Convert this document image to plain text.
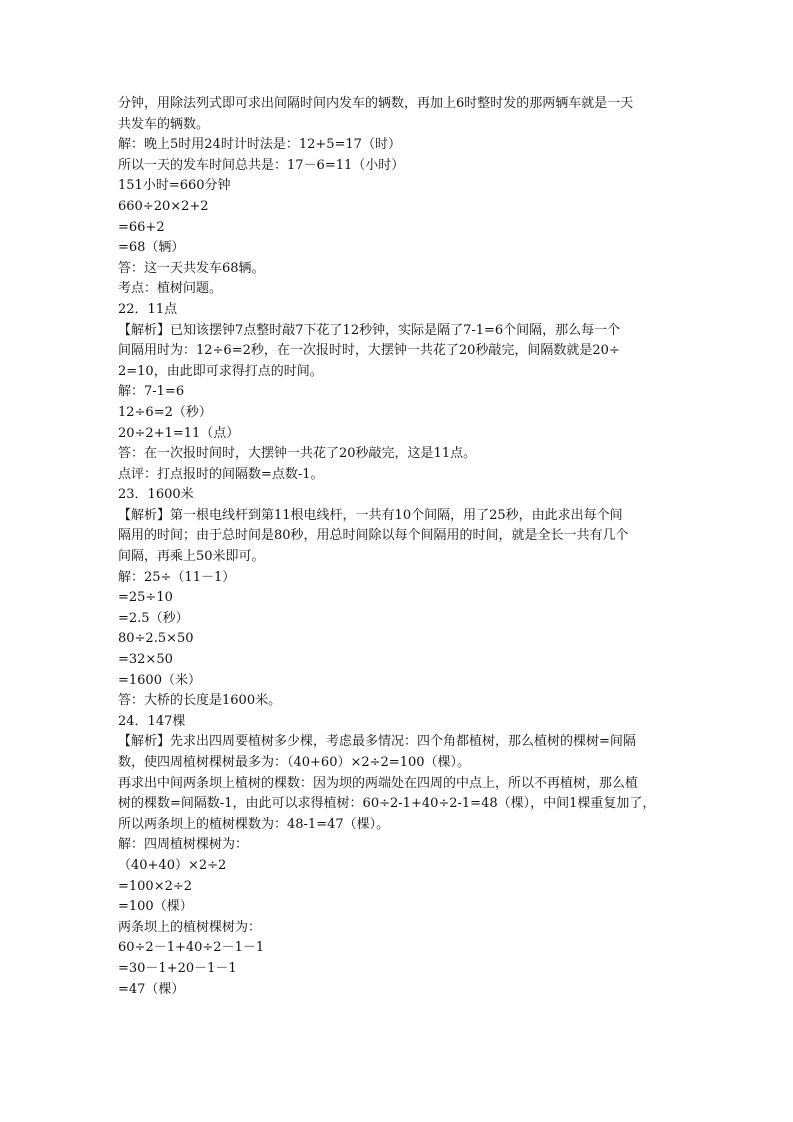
分钟，用除法列式即可求出间隔时间内发车的辆数，再加上6时整时发的那两辆车就是一天

共发车的辆数。

解：晚上5时用24时计时法是：12+5=17（时）

所以一天的发车时间总共是：17－6=11（小时）

151小时=660分钟

660÷20×2+2

=66+2

=68（辆）

答：这一天共发车68辆。

考点：植树问题。

22．11点

【解析】已知该摆钟7点整时敲7下花了12秒钟，实际是隔了7-1=6个间隔，那么每一个

间隔用时为：12÷6=2秒，在一次报时时，大摆钟一共花了20秒敲完，间隔数就是20÷

2=10，由此即可求得打点的时间。

解：7-1=6

12÷6=2（秒）

20÷2+1=11（点）

答：在一次报时间时，大摆钟一共花了20秒敲完，这是11点。

点评：打点报时的间隔数=点数-1。

23．1600米

【解析】第一根电线杆到第11根电线杆，一共有10个间隔，用了25秒，由此求出每个间

隔用的时间；由于总时间是80秒，用总时间除以每个间隔用的时间，就是全长一共有几个

间隔，再乘上50米即可。

解：25÷（11－1）

=25÷10

=2.5（秒）

80÷2.5×50

=32×50

=1600（米）

答：大桥的长度是1600米。

24．147棵

【解析】先求出四周要植树多少棵，考虑最多情况：四个角都植树，那么植树的棵树=间隔

数，使四周植树棵树最多为：（40+60）×2÷2=100（棵）。

再求出中间两条坝上植树的棵数：因为坝的两端处在四周的中点上，所以不再植树，那么植

树的棵数=间隔数-1，由此可以求得植树：60÷2-1+40÷2-1=48（棵），中间1棵重复加了，

所以两条坝上的植树棵数为：48-1=47（棵）。

解：四周植树棵树为：

（40+40）×2÷2

=100×2÷2

=100（棵）

两条坝上的植树棵树为：

60÷2－1+40÷2－1－1

=30－1+20－1－1

=47（棵）
